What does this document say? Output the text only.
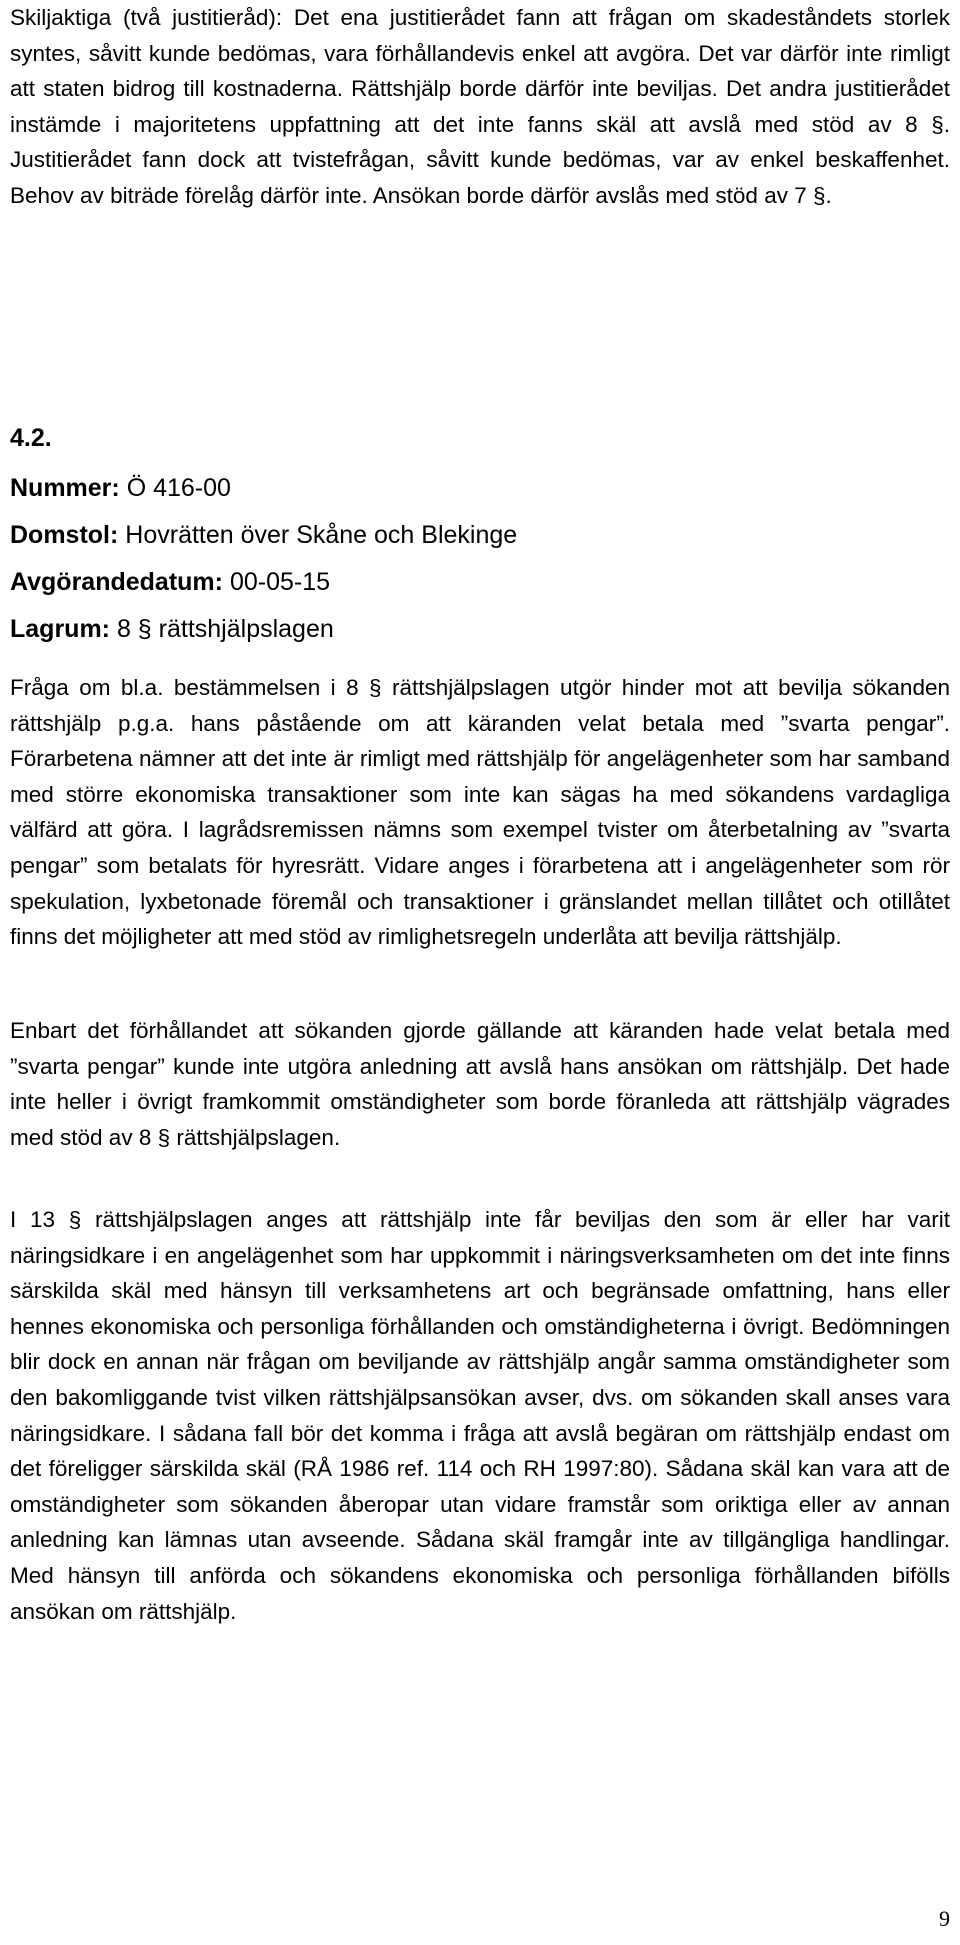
Skiljaktiga (två justitieråd): Det ena justitierådet fann att frågan om skadeståndets storlek syntes, såvitt kunde bedömas, vara förhållandevis enkel att avgöra. Det var därför inte rimligt att staten bidrog till kostnaderna. Rättshjälp borde därför inte beviljas. Det andra justitierådet instämde i majoritetens uppfattning att det inte fanns skäl att avslå med stöd av 8 §. Justitierådet fann dock att tvistefrågan, såvitt kunde bedömas, var av enkel beskaffenhet. Behov av biträde förelåg därför inte. Ansökan borde därför avslås med stöd av 7 §.

4.2.

Nummer: Ö 416-00

Domstol: Hovrätten över Skåne och Blekinge

Avgörandedatum: 00-05-15

Lagrum: 8 § rättshjälpslagen

Fråga om bl.a. bestämmelsen i 8 § rättshjälpslagen utgör hinder mot att bevilja sökanden rättshjälp p.g.a. hans påstående om att käranden velat betala med ”svarta pengar”. Förarbetena nämner att det inte är rimligt med rättshjälp för angelägenheter som har samband med större ekonomiska transaktioner som inte kan sägas ha med sökandens vardagliga välfärd att göra. I lagrådsremissen nämns som exempel tvister om återbetalning av ”svarta pengar” som betalats för hyresrätt. Vidare anges i förarbetena att i angelägenheter som rör spekulation, lyxbetonade föremål och transaktioner i gränslandet mellan tillåtet och otillåtet finns det möjligheter att med stöd av rimlighetsregeln underlåta att bevilja rättshjälp.

Enbart det förhållandet att sökanden gjorde gällande att käranden hade velat betala med ”svarta pengar” kunde inte utgöra anledning att avslå hans ansökan om rättshjälp. Det hade inte heller i övrigt framkommit omständigheter som borde föranleda att rättshjälp vägrades med stöd av 8 § rättshjälpslagen.

I 13 § rättshjälpslagen anges att rättshjälp inte får beviljas den som är eller har varit näringsidkare i en angelägenhet som har uppkommit i näringsverksamheten om det inte finns särskilda skäl med hänsyn till verksamhetens art och begränsade omfattning, hans eller hennes ekonomiska och personliga förhållanden och omständigheterna i övrigt. Bedömningen blir dock en annan när frågan om beviljande av rättshjälp angår samma omständigheter som den bakomliggande tvist vilken rättshjälpsansökan avser, dvs. om sökanden skall anses vara näringsidkare. I sådana fall bör det komma i fråga att avslå begäran om rättshjälp endast om det föreligger särskilda skäl (RÅ 1986 ref. 114 och RH 1997:80). Sådana skäl kan vara att de omständigheter som sökanden åberopar utan vidare framstår som oriktiga eller av annan anledning kan lämnas utan avseende. Sådana skäl framgår inte av tillgängliga handlingar. Med hänsyn till anförda och sökandens ekonomiska och personliga förhållanden bifölls ansökan om rättshjälp.

9
